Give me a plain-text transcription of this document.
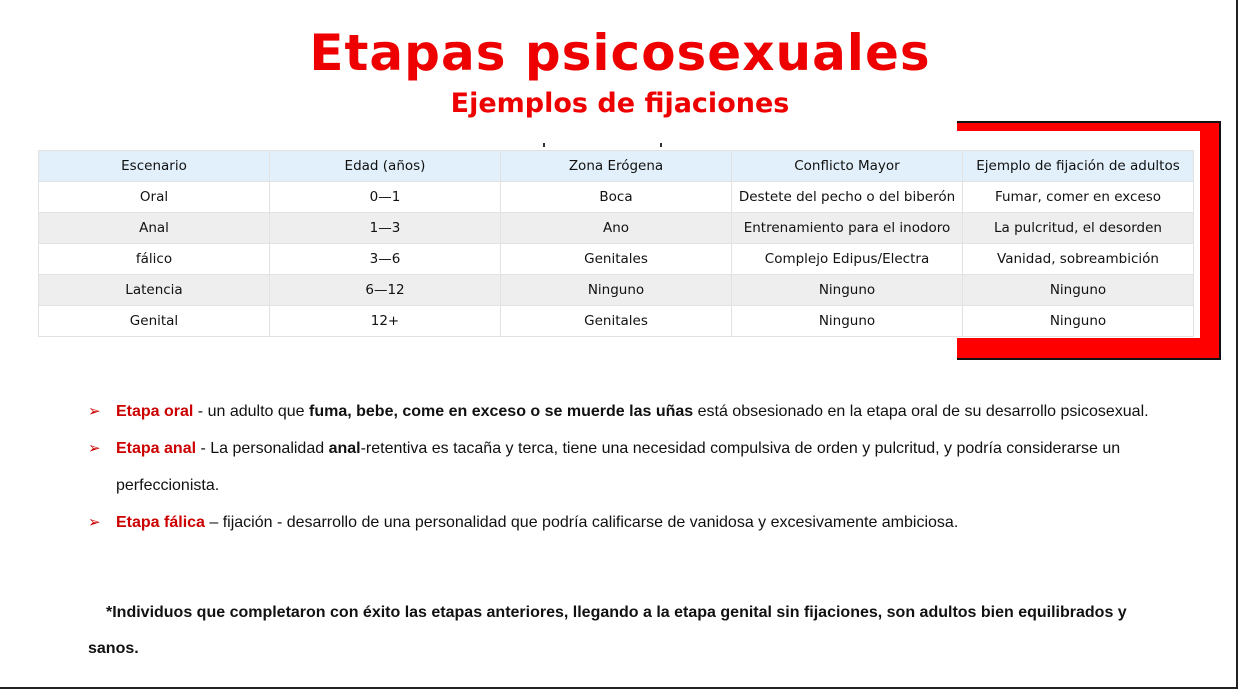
Etapas psicosexuales
Ejemplos de fijaciones
Escenario	Edad (años)	Zona Erógena	Conflicto Mayor	Ejemplo de fijación de adultos
Oral	0—1	Boca	Destete del pecho o del biberón	Fumar, comer en exceso
Anal	1—3	Ano	Entrenamiento para el inodoro	La pulcritud, el desorden
fálico	3—6	Genitales	Complejo Edipus/Electra	Vanidad, sobreambición
Latencia	6—12	Ninguno	Ninguno	Ninguno
Genital	12+	Genitales	Ninguno	Ninguno
➢ Etapa oral - un adulto que fuma, bebe, come en exceso o se muerde las uñas está obsesionado en la etapa oral de su desarrollo psicosexual.
➢ Etapa anal - La personalidad anal-retentiva es tacaña y terca, tiene una necesidad compulsiva de orden y pulcritud, y podría considerarse un perfeccionista.
➢ Etapa fálica – fijación - desarrollo de una personalidad que podría calificarse de vanidosa y excesivamente ambiciosa.
*Individuos que completaron con éxito las etapas anteriores, llegando a la etapa genital sin fijaciones, son adultos bien equilibrados y sanos.
